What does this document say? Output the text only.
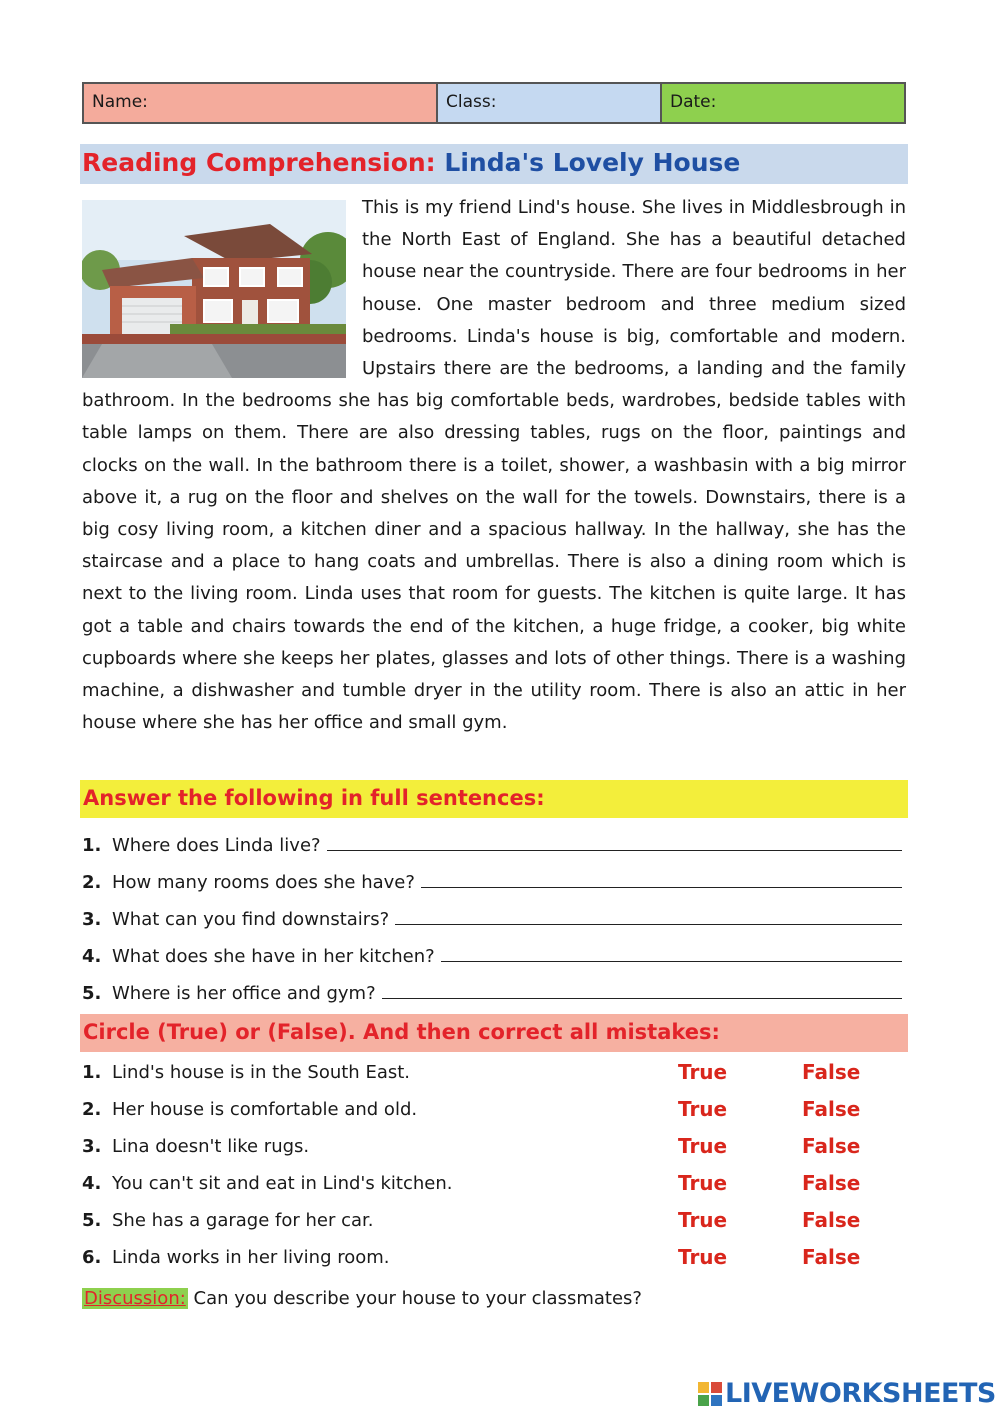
Name:	Class:	Date:
Reading Comprehension: Linda's Lovely House

This is my friend Lind's house. She lives in Middlesbrough in the North East of England. She has a beautiful detached house near the countryside. There are four bedrooms in her house. One master bedroom and three medium sized bedrooms. Linda's house is big, comfortable and modern. Upstairs there are the bedrooms, a landing and the family bathroom. In the bedrooms she has big comfortable beds, wardrobes, bedside tables with table lamps on them. There are also dressing tables, rugs on the floor, paintings and clocks on the wall. In the bathroom there is a toilet, shower, a washbasin with a big mirror above it, a rug on the floor and shelves on the wall for the towels. Downstairs, there is a big cosy living room, a kitchen diner and a spacious hallway. In the hallway, she has the staircase and a place to hang coats and umbrellas. There is also a dining room which is next to the living room. Linda uses that room for guests. The kitchen is quite large. It has got a table and chairs towards the end of the kitchen, a huge fridge, a cooker, big white cupboards where she keeps her plates, glasses and lots of other things. There is a washing machine, a dishwasher and tumble dryer in the utility room. There is also an attic in her house where she has her office and small gym.

Answer the following in full sentences:
1. Where does Linda live?
2. How many rooms does she have?
3. What can you find downstairs?
4. What does she have in her kitchen?
5. Where is her office and gym?
Circle (True) or (False). And then correct all mistakes:
1. Lind's house is in the South East.	True	False
2. Her house is comfortable and old.	True	False
3. Lina doesn't like rugs.	True	False
4. You can't sit and eat in Lind's kitchen.	True	False
5. She has a garage for her car.	True	False
6. Linda works in her living room.	True	False
Discussion: Can you describe your house to your classmates?
LIVEWORKSHEETS
